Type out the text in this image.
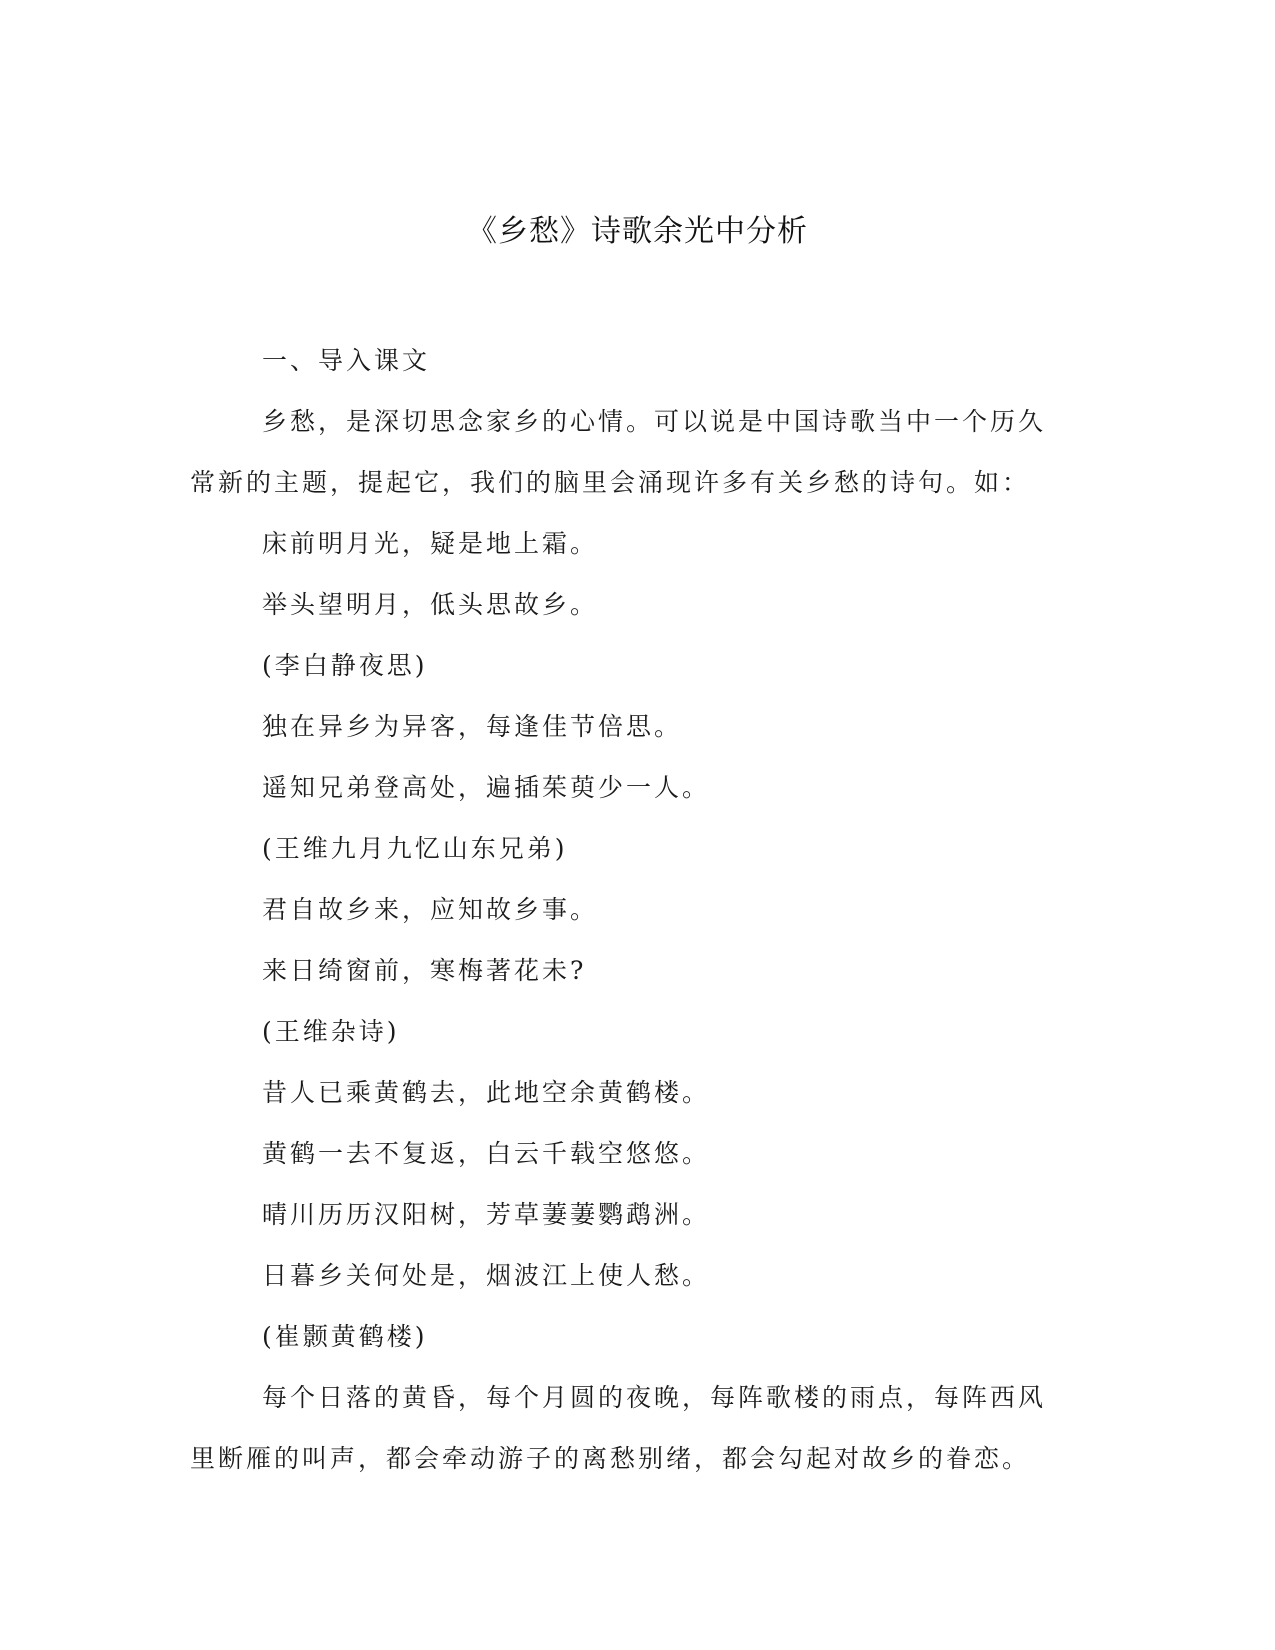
《乡愁》诗歌余光中分析

一、导入课文

乡愁，是深切思念家乡的心情。可以说是中国诗歌当中一个历久常新的主题，提起它，我们的脑里会涌现许多有关乡愁的诗句。如：

床前明月光，疑是地上霜。

举头望明月，低头思故乡。

(李白静夜思)

独在异乡为异客，每逢佳节倍思。

遥知兄弟登高处，遍插茱萸少一人。

(王维九月九忆山东兄弟)

君自故乡来，应知故乡事。

来日绮窗前，寒梅著花未?

(王维杂诗)

昔人已乘黄鹤去，此地空余黄鹤楼。

黄鹤一去不复返，白云千载空悠悠。

晴川历历汉阳树，芳草萋萋鹦鹉洲。

日暮乡关何处是，烟波江上使人愁。

(崔颢黄鹤楼)

每个日落的黄昏，每个月圆的夜晚，每阵歌楼的雨点，每阵西风里断雁的叫声，都会牵动游子的离愁别绪，都会勾起对故乡的眷恋。
